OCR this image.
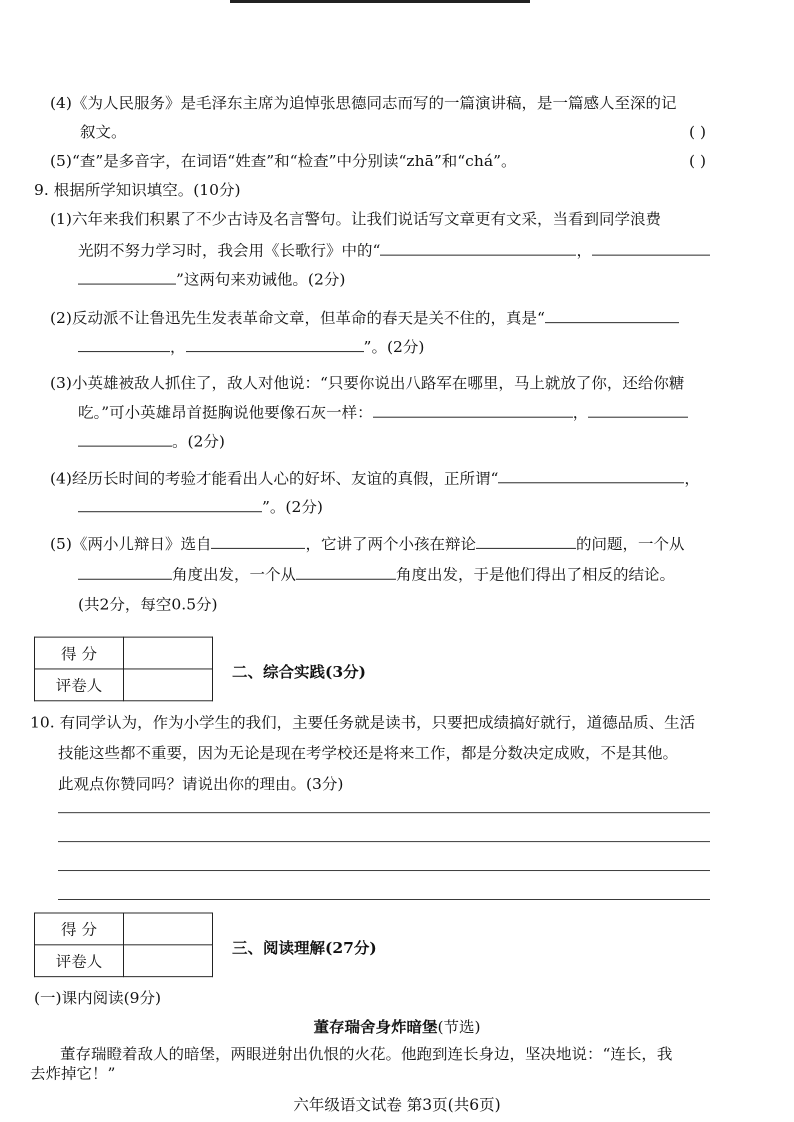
(4)《为人民服务》是毛泽东主席为追悼张思德同志而写的一篇演讲稿，是一篇感人至深的记
叙文。	( )
(5)“查”是多音字，在词语“姓查”和“检查”中分别读“zhā”和“chá”。	( )
9. 根据所学知识填空。(10分)
(1)六年来我们积累了不少古诗及名言警句。让我们说话写文章更有文采，当看到同学浪费
光阴不努力学习时，我会用《长歌行》中的“	，
”这两句来劝诫他。(2分)
(2)反动派不让鲁迅先生发表革命文章，但革命的春天是关不住的，真是“
，	”。(2分)
(3)小英雄被敌人抓住了，敌人对他说：“只要你说出八路军在哪里，马上就放了你，还给你糖
吃。”可小英雄昂首挺胸说他要像石灰一样：	，
。(2分)
(4)经历长时间的考验才能看出人心的好坏、友谊的真假，正所谓“	，
”。(2分)
(5)《两小儿辩日》选自	，它讲了两个小孩在辩论	的问题，一个从
角度出发，一个从	角度出发，于是他们得出了相反的结论。
(共2分，每空0.5分)
得 分	
评卷人	
二、综合实践(3分)
10. 有同学认为，作为小学生的我们，主要任务就是读书，只要把成绩搞好就行，道德品质、生活
技能这些都不重要，因为无论是现在考学校还是将来工作，都是分数决定成败，不是其他。
此观点你赞同吗？请说出你的理由。(3分)
得 分	
评卷人	
三、阅读理解(27分)
(一)课内阅读(9分)
董存瑞舍身炸暗堡(节选)
董存瑞瞪着敌人的暗堡，两眼迸射出仇恨的火花。他跑到连长身边，坚决地说：“连长，我
去炸掉它！”
六年级语文试卷 第3页(共6页)
